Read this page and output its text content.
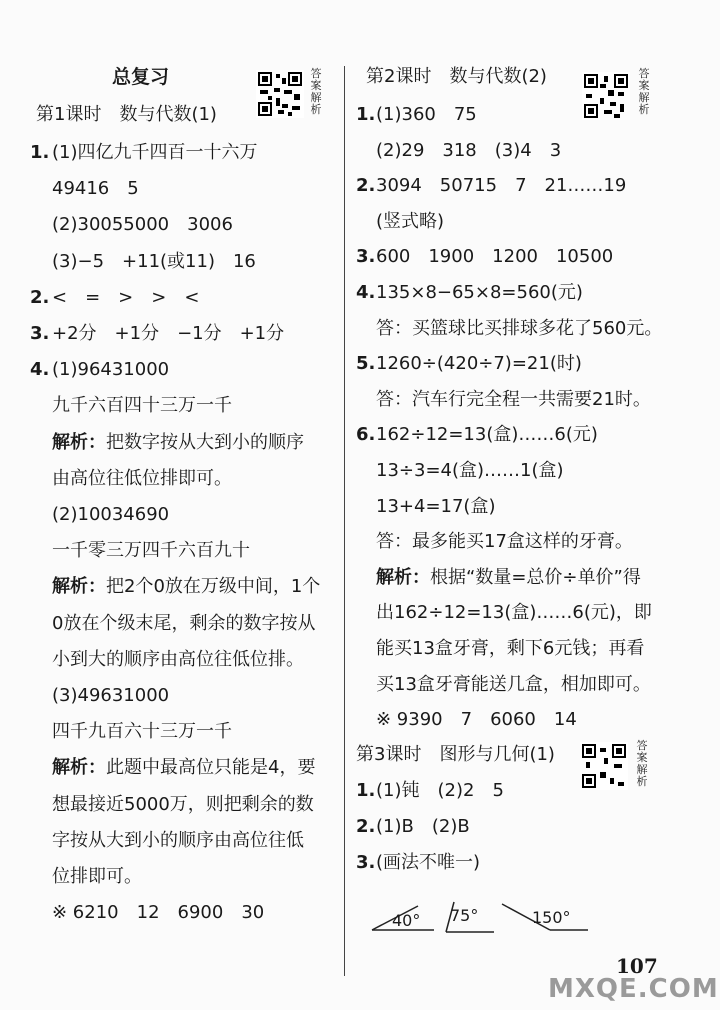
总复习	答案解析
第1课时　数与代数(1)
1. (1)四亿九千四百一十六万
49416　5
(2)30055000　3006
(3)−5　+11(或11)　16
2. <　=　>　>　<
3. +2分　+1分　−1分　+1分
4. (1)96431000
九千六百四十三万一千
解析：把数字按从大到小的顺序
由高位往低位排即可。
(2)10034690
一千零三万四千六百九十
解析：把2个0放在万级中间，1个
0放在个级末尾，剩余的数字按从
小到大的顺序由高位往低位排。
(3)49631000
四千九百六十三万一千
解析：此题中最高位只能是4，要
想最接近5000万，则把剩余的数
字按从大到小的顺序由高位往低
位排即可。
※ 6210　12　6900　30
第2课时　数与代数(2)	答案解析
1.(1)360　75
(2)29　318　(3)4　3
2.3094　50715　7　21……19
(竖式略)
3.600　1900　1200　10500
4.135×8−65×8=560(元)
答：买篮球比买排球多花了560元。
5.1260÷(420÷7)=21(时)
答：汽车行完全程一共需要21时。
6.162÷12=13(盒)……6(元)
13÷3=4(盒)……1(盒)
13+4=17(盒)
答：最多能买17盒这样的牙膏。
解析：根据“数量=总价÷单价”得
出162÷12=13(盒)……6(元)，即
能买13盒牙膏，剩下6元钱；再看
买13盒牙膏能送几盒，相加即可。
※ 9390　7　6060　14
第3课时　图形与几何(1)	答案解析
1.(1)钝　(2)2　5
2.(1)B　(2)B
3.(画法不唯一)
40° 75°	150°
107
MXQE.COM
